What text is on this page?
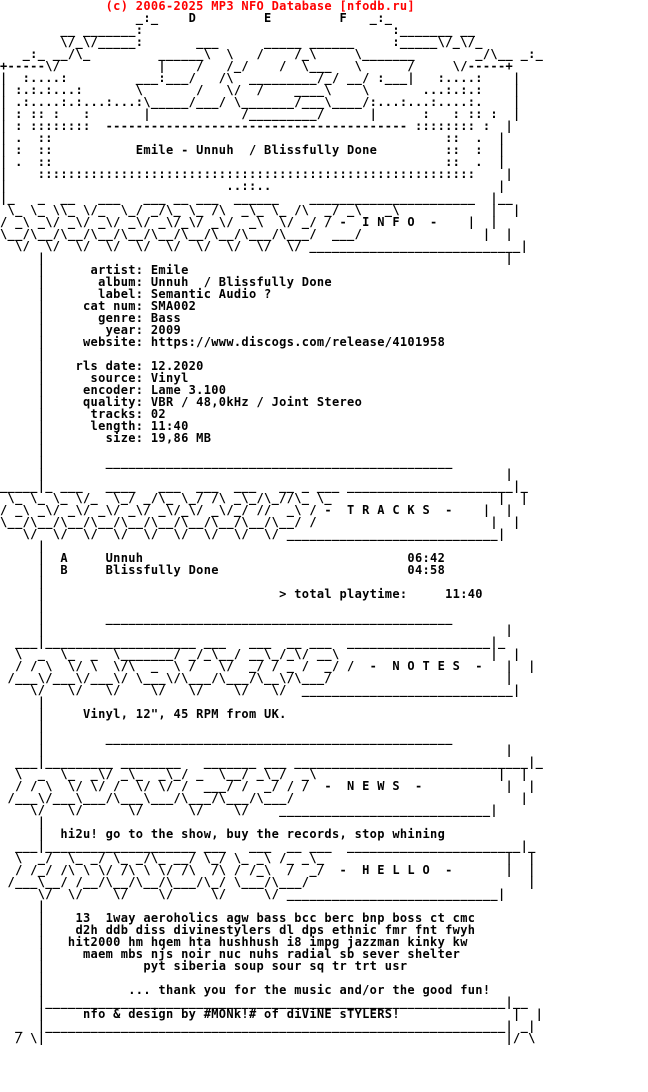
(c) 2006-2025 MP3 NFO Database [nfodb.ru]
_:_    D         E         F   _:_
__ _______:                                 :_______ __
\/_\/_____:       ___      _____ ______     :_____\/_\/_
_:_ __/\_         ______\  \   /    /_\     \_______        _/\__ _:_
+-----\/             |    /   /_/    /  \___   \      /     \/-----+
|  :....:         ___:___/   /\  _________/_/ __/ :___|   :....:    |
| :.:.:...:       \       /   \/  /    ____\    \       ...:.:.:    |
| .:....:.:...:...:\_____/___/ \_______/___\____/:...:...:....:.    |
| : :: :   :       |            /_________/      |      :   : :: :  |
| : ::::::::  ---------------------------------------- :::::::: :  |
| .  ::                                                    ::  .  |
| :  ::           Emile - Unnuh  / Blissfully Done         ::  :  |
| .  ::                                                    ::  .  |
|    ::::::::::::::::::::::::::::::::::::::::::::::::::::::::::    |
|                             ..::..                              |
|_   _  __   ___   ___ __ ___  ______    ______________________  |__
\_ \_ \\_ \/_  \_/ _/\_ \_ /\  _\_ \_ /\  _/ _\   _\            |  |
/ _\ _\/ _\/ _\/ _\/ _\/_\/ _\/  _\  \/ _/ / -  I N F O  -    |  |
\__/\__/\__/\__/\__/\__/\__/\__/\___/\___/  ___/                |  |
\/  \/  \/  \/  \/  \/  \/  \/  \/  \/ ____________________________|
|                                                             |
|      artist: Emile
|       album: Unnuh  / Blissfully Done
|       label: Semantic Audio ?
|     cat num: SMA002
|       genre: Bass
|        year: 2009
|     website: https://www.discogs.com/release/4101958
|
|    rls date: 12.2020
|      source: Vinyl
|     encoder: Lame 3.100
|     quality: VBR / 48,0kHz / Joint Stereo
|      tracks: 02
|      length: 11:40
|        size: 19,86 MB
|
|        ______________________________________________
|                                                             |
_____|_ ___   ____   ___  ___  ___   __ _ ___ ______________________|_
\_ \_ \_ \/_  \_/ _/\_ \_/ /\ _\_/\_//\_ \_                      |  |
/ _\ _\/ _\/ _\/ _\/ _\/_\/ _\/_/ //  _\ / -  T R A C K S  -    |  |
\__/\__/\__/\__/\__/\__/\__/\__/\__/\__/ /                       |  |
\/  \/  \/  \/  \/  \/  \/  \/  \/ ____________________________|
|
|  A     Unnuh                                   06:42
|  B     Blissfully Done                         04:58
|
|                               > total playtime:     11:40
|
|        ______________________________________________
|                                                             |
___|____________________ ___   ___  __ ___  ___________________|_
\  _  \_  _  \_______/ _/_\__/ __\_/_\/ __\                    |  |
/ / \  \/ \  \/\  _  \ /   \/  _/ / _ /  _/ /  -  N O T E S  -   |  |
/___\/___\/___\/ \___\/\___/\___/\__\/\___/                       |
\/   \/   \/    \/   \/    \/   \/  ____________________________|
|
|     Vinyl, 12", 45 RPM from UK.
|
|        ______________________________________________
|                                                             |
___|_________ ________   _______ ___ _______________________________|_
\  _  \_  _\/ _\_  _\_/ _  \__/ _\_/  _\                        |  |
/ / \  \/ \/ /  \/ \/ /  ___/ /  _/ / /  -  N E W S  -           |  |
/___\/___\___/\___\___/\___/\___/\___/                              |
\/   \/      \/      \/    \/    ____________________________|
|
|  hi2u! go to the show, buy the records, stop whining
___|____________________ ___   ___  __ ___  _______________________|_
\  _/  \_ _/ \_ _/\_ __/ \_/ \_ _\ /_ _\_                        |  |
/ /_/ /\ \ \/ /\ \ \/ /\  /\ / /_\  /  _/  -  H E L L O  -       |  |
/___\__/ /__/\__/\__/\___/\_/ \___/\___/                             |
\/  \/    \/    \/     \/     \/ ____________________________|
|
|    13  1way aeroholics agw bass bcc berc bnp boss ct cmc
|    d2h ddb diss divinestylers dl dps ethnic fmr fnt fwyh
|   hit2000 hm hqem hta hushhush i8 impg jazzman kinky kw
|     maem mbs njs noir nuc nuhs radial sb sever shelter
|             pyt siberia soup sour sq tr trt usr
|
|           ... thank you for the music and/or the good fun!
|_____________________________________________________________|__
|     nfo & design by #MONk!# of diViNE sTYLERS!               |  |
_  |_____________________________________________________________| _|
/ \|                                                             |/ \
